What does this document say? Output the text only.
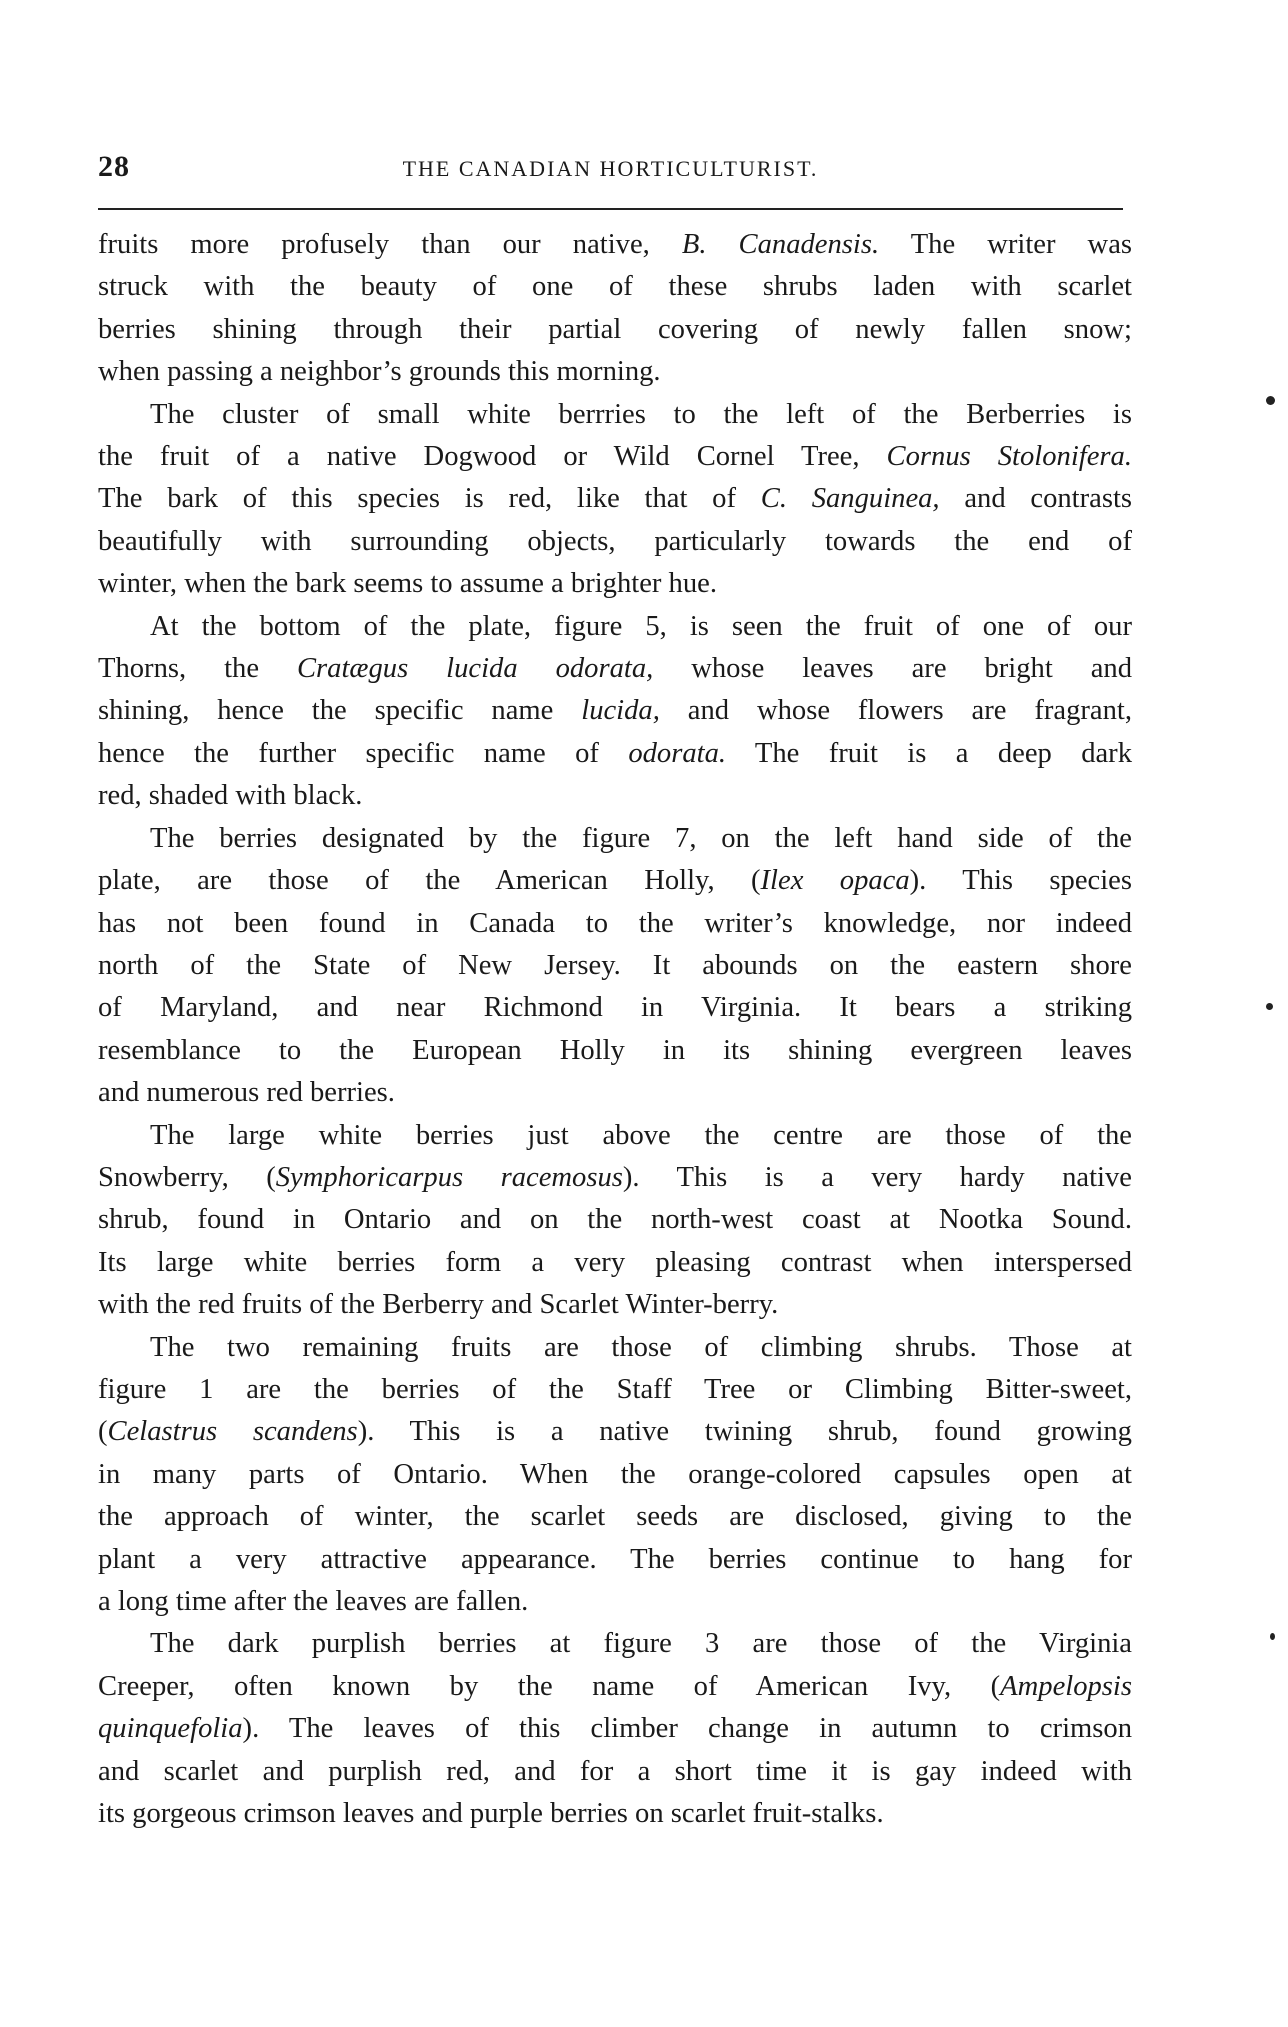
28	THE CANADIAN HORTICULTURIST.

fruits more profusely than our native, B. Canadensis. The writer was
struck with the beauty of one of these shrubs laden with scarlet
berries shining through their partial covering of newly fallen snow;
when passing a neighbor’s grounds this morning.

The cluster of small white berrries to the left of the Berberries is
the fruit of a native Dogwood or Wild Cornel Tree, Cornus Stolonifera.
The bark of this species is red, like that of C. Sanguinea, and contrasts
beautifully with surrounding objects, particularly towards the end of
winter, when the bark seems to assume a brighter hue.

At the bottom of the plate, figure 5, is seen the fruit of one of our
Thorns, the Cratægus lucida odorata, whose leaves are bright and
shining, hence the specific name lucida, and whose flowers are fragrant,
hence the further specific name of odorata. The fruit is a deep dark
red, shaded with black.

The berries designated by the figure 7, on the left hand side of the
plate, are those of the American Holly, (Ilex opaca). This species
has not been found in Canada to the writer’s knowledge, nor indeed
north of the State of New Jersey. It abounds on the eastern shore
of Maryland, and near Richmond in Virginia. It bears a striking
resemblance to the European Holly in its shining evergreen leaves
and numerous red berries.

The large white berries just above the centre are those of the
Snowberry, (Symphoricarpus racemosus). This is a very hardy native
shrub, found in Ontario and on the north-west coast at Nootka Sound.
Its large white berries form a very pleasing contrast when interspersed
with the red fruits of the Berberry and Scarlet Winter-berry.

The two remaining fruits are those of climbing shrubs. Those at
figure 1 are the berries of the Staff Tree or Climbing Bitter-sweet,
(Celastrus scandens). This is a native twining shrub, found growing
in many parts of Ontario. When the orange-colored capsules open at
the approach of winter, the scarlet seeds are disclosed, giving to the
plant a very attractive appearance. The berries continue to hang for
a long time after the leaves are fallen.

The dark purplish berries at figure 3 are those of the Virginia
Creeper, often known by the name of American Ivy, (Ampelopsis
quinquefolia). The leaves of this climber change in autumn to crimson
and scarlet and purplish red, and for a short time it is gay indeed with
its gorgeous crimson leaves and purple berries on scarlet fruit-stalks.
